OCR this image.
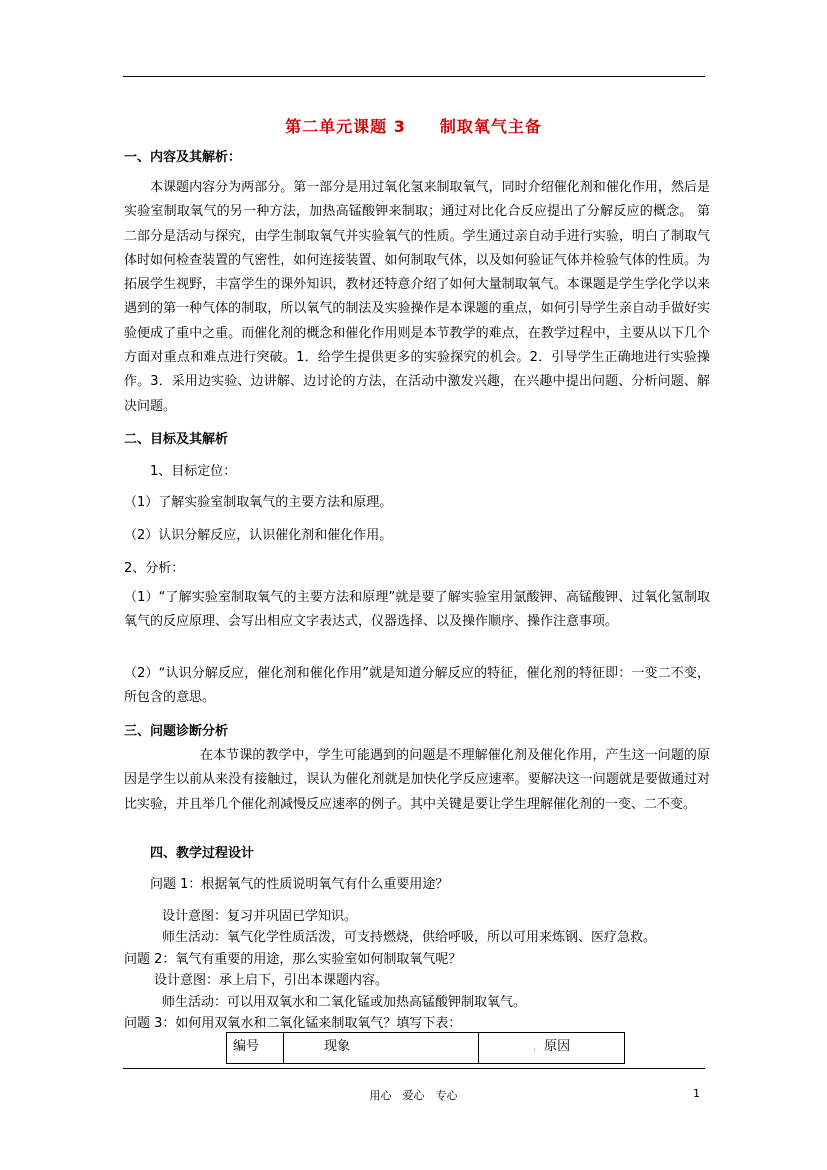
第二单元课题 3　　制取氧气主备
一、内容及其解析：
本课题内容分为两部分。第一部分是用过氧化氢来制取氧气，同时介绍催化剂和催化作用，然后是实验室制取氧气的另一种方法，加热高锰酸钾来制取；通过对比化合反应提出了分解反应的概念。 第二部分是活动与探究，由学生制取氧气并实验氧气的性质。学生通过亲自动手进行实验，明白了制取气体时如何检查装置的气密性，如何连接装置、如何制取气体，以及如何验证气体并检验气体的性质。为拓展学生视野，丰富学生的课外知识，教材还特意介绍了如何大量制取氧气。本课题是学生学化学以来遇到的第一种气体的制取，所以氧气的制法及实验操作是本课题的重点，如何引导学生亲自动手做好实验便成了重中之重。而催化剂的概念和催化作用则是本节教学的难点，在教学过程中，主要从以下几个方面对重点和难点进行突破。1．给学生提供更多的实验探究的机会。2．引导学生正确地进行实验操作。3．采用边实验、边讲解、边讨论的方法，在活动中激发兴趣，在兴趣中提出问题、分析问题、解决问题。
二、目标及其解析
1、目标定位：
（1）了解实验室制取氧气的主要方法和原理。
（2）认识分解反应，认识催化剂和催化作用。
2、分析：
（1）“了解实验室制取氧气的主要方法和原理”就是要了解实验室用氯酸钾、高锰酸钾、过氧化氢制取氧气的反应原理、会写出相应文字表达式，仪器选择、以及操作顺序、操作注意事项。
（2）“认识分解反应，催化剂和催化作用”就是知道分解反应的特征，催化剂的特征即：一变二不变，所包含的意思。
三、问题诊断分析
在本节课的教学中，学生可能遇到的问题是不理解催化剂及催化作用，产生这一问题的原因是学生以前从来没有接触过，误认为催化剂就是加快化学反应速率。要解决这一问题就是要做通过对比实验，并且举几个催化剂减慢反应速率的例子。其中关键是要让学生理解催化剂的一变、二不变。
四、教学过程设计
问题 1：根据氧气的性质说明氧气有什么重要用途？
设计意图：复习并巩固已学知识。
师生活动：氧气化学性质活泼，可支持燃烧，供给呼吸，所以可用来炼钢、医疗急救。
问题 2：氧气有重要的用途，那么实验室如何制取氧气呢？
设计意图：承上启下，引出本课题内容。
师生活动：可以用双氧水和二氧化锰或加热高锰酸钾制取氧气。
问题 3：如何用双氧水和二氧化锰来制取氧气？填写下表：
编号	现象	‚ 原因
用心　爱心　专心	1
